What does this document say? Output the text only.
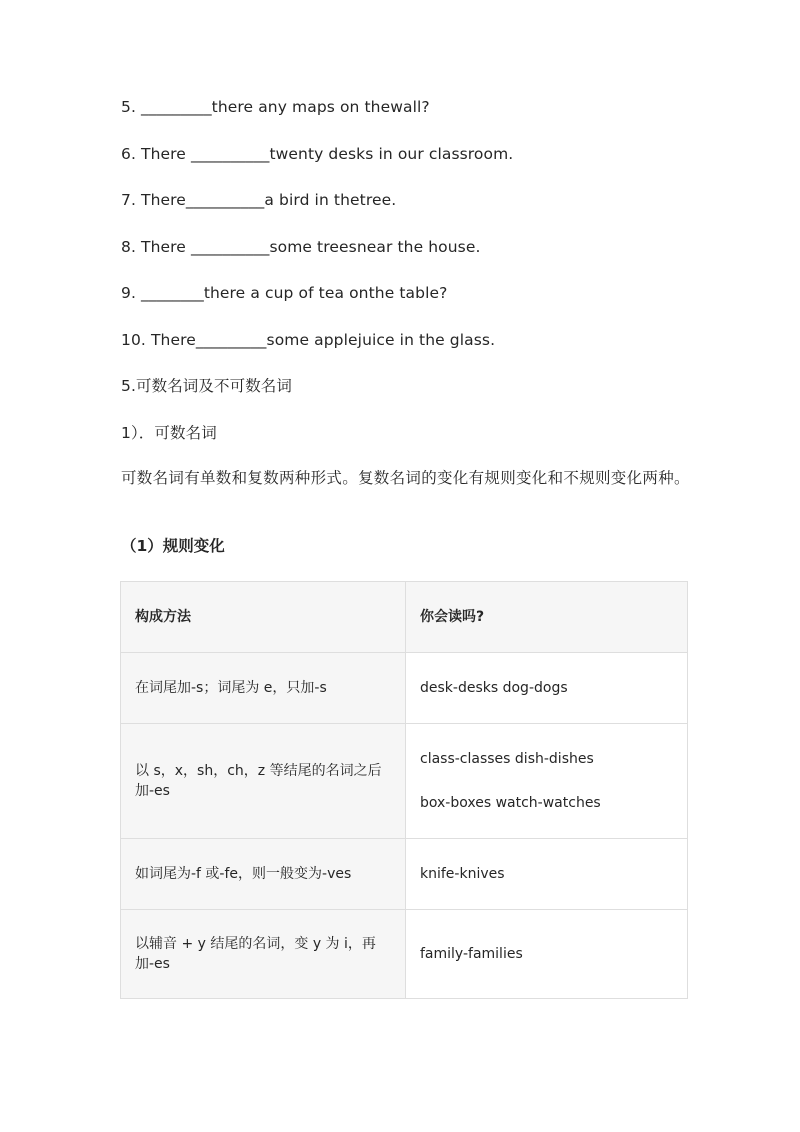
5. _________there any maps on thewall?
6. There __________twenty desks in our classroom.
7. There__________a bird in thetree.
8. There __________some treesnear the house.
9. ________there a cup of tea onthe table?
10. There_________some applejuice in the glass.
5.可数名词及不可数名词
1）．可数名词
可数名词有单数和复数两种形式。复数名词的变化有规则变化和不规则变化两种。
（1）规则变化
构成方法	你会读吗?
在词尾加-s；词尾为 e，只加-s	desk-desks dog-dogs

以 s，x，sh，ch，z 等结尾的名词之后加-es	class-classes dish-dishes
box-boxes watch-watches

如词尾为-f 或-fe，则一般变为-ves	knife-knives

以辅音 + y 结尾的名词，变 y 为 i，再加-es	family-families
